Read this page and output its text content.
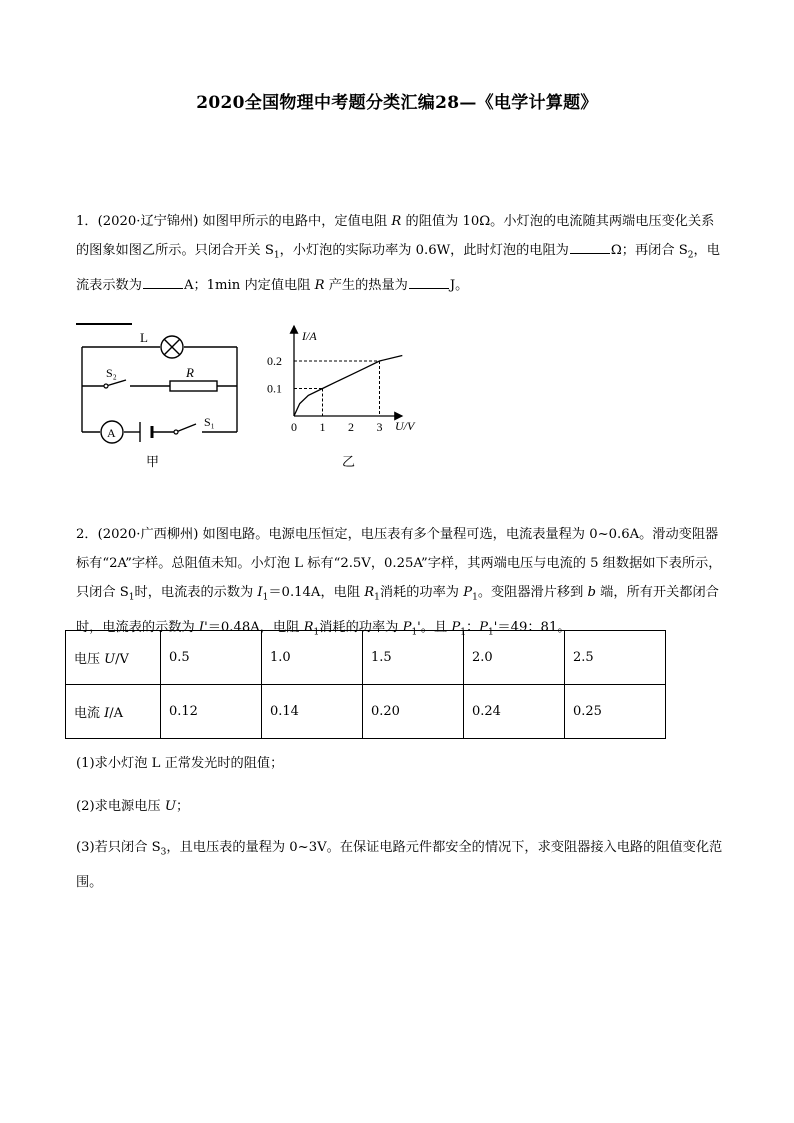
2020全国物理中考题分类汇编28—《电学计算题》
1．(2020·辽宁锦州) 如图甲所示的电路中，定值电阻 R 的阻值为 10Ω。小灯泡的电流随其两端电压变化关系的图象如图乙所示。只闭合开关 $S_1$，小灯泡的实际功率为 0.6W，此时灯泡的电阻为	Ω；再闭合 $S_2$，电流表示数为	A；1min 内定值电阻 R 产生的热量为	J。
L
R
S₂
A
S₁
甲
I/A
U/V
0 1 2 3
0.1
0.2
乙
2．(2020·广西柳州) 如图电路。电源电压恒定，电压表有多个量程可选，电流表量程为 0~0.6A。滑动变阻器标有“2A”字样。总阻值未知。小灯泡 L 标有“2.5V，0.25A”字样，其两端电压与电流的 5 组数据如下表所示，只闭合 $S_1$时，电流表的示数为 $I_1=0.14A$，电阻 $R_1$消耗的功率为 $P_1$。变阻器滑片移到 b 端，所有开关都闭合时，电流表的示数为 I'＝0.48A，电阻 $R_1$消耗的功率为 $P_1'$。且 $P_1$：$P_1'=49$：81。
电压 U/V	0.5	1.0	1.5	2.0	2.5
电流 I/A	0.12	0.14	0.20	0.24	0.25
(1)求小灯泡 L 正常发光时的阻值；
(2)求电源电压 U；
(3)若只闭合 $S_3$，且电压表的量程为 0~3V。在保证电路元件都安全的情况下，求变阻器接入电路的阻值变化范围。
